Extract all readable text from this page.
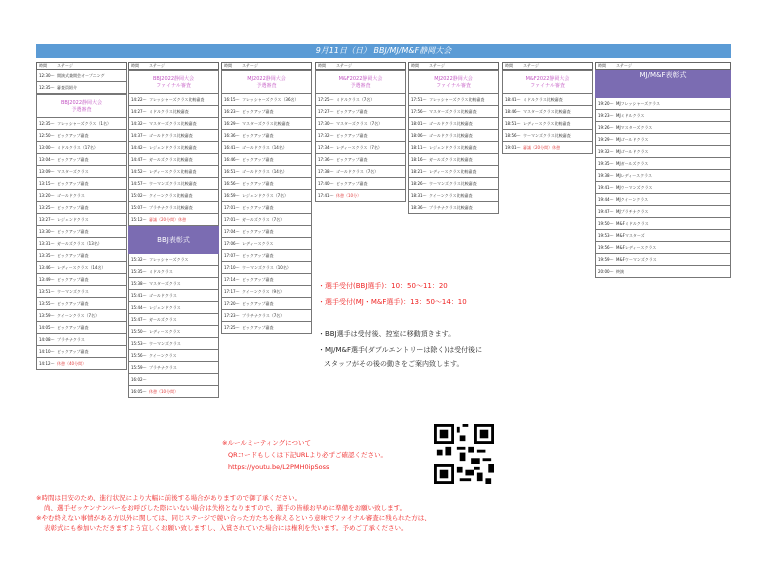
9月11日（日） BBJ/MJ/M&F静岡大会
時間	ステージ
12:30～ 開演式兼開会オープニング
12:35～ 審査員紹介
BBJ2022静岡大会
予選審査
12:35～ フレッシャーズクラス（1名）
12:50～ ピックアップ審査
13:00～ ミドルクラス（17名）
13:04～ ピックアップ審査
13:09～ マスターズクラス
13:15～ ピックアップ審査
13:20～ ゴールドクラス
13:25～ ピックアップ審査
13:27～ レジェンドクラス
13:30～ ピックアップ審査
13:31～ ガールズクラス（13名）
13:35～ ピックアップ審査
13:46～ レディースクラス（14名）
13:49～ ピックアップ審査
13:51～ ウーマンズクラス
13:55～ ピックアップ審査
13:59～ クイーンクラス（7名）
14:05～ ピックアップ審査
14:08～ プラチナクラス
14:10～ ピックアップ審査
14:12～ 休憩（40分間）
時間	ステージ
BBJ2022静岡大会
ファイナル審査
14:22～ フレッシャーズクラス比較審査
14:27～ ミドルクラス比較審査
14:32～ マスターズクラス比較審査
14:37～ ゴールドクラス比較審査
14:42～ レジェンドクラス比較審査
14:47～ ガールズクラス比較審査
14:52～ レディースクラス比較審査
14:57～ ウーマンズクラス比較審査
15:02～ クイーンクラス比較審査
15:07～ プラチナクラス比較審査
15:12～ 審議（20分間）休憩
BBJ表彰式
15:32～ フレッシャーズクラス
15:35～ ミドルクラス
15:38～ マスターズクラス
15:41～ ゴールドクラス
15:44～ レジェンドクラス
15:47～ ガールズクラス
15:50～ レディースクラス
15:53～ ウーマンズクラス
15:56～ クイーンクラス
15:59～ プラチナクラス
16:02～
16:05～ 休憩（10分間）
時間	ステージ
MJ2022静岡大会
予選審査
16:15～ フレッシャーズクラス（36名）
16:23～ ピックアップ審査
16:29～ マスターズクラス比較審査
16:36～ ピックアップ審査
16:41～ ゴールドクラス（14名）
16:46～ ピックアップ審査
16:51～ ゴールドクラス（14名）
16:56～ ピックアップ審査
16:59～ レジェンドクラス（7名）
17:01～ ピックアップ審査
17:01～ ガールズクラス（7名）
17:04～ ピックアップ審査
17:06～ レディースクラス
17:07～ ピックアップ審査
17:10～ ウーマンズクラス（10名）
17:14～ ピックアップ審査
17:17～ クイーンクラス（9名）
17:20～ ピックアップ審査
17:23～ プラチナクラス（7名）
17:25～ ピックアップ審査
時間	ステージ
M&F2022静岡大会
予選審査
17:25～ ミドルクラス（7名）
17:27～ ピックアップ審査
17:30～ マスターズクラス（7名）
17:32～ ピックアップ審査
17:34～ レディースクラス（7名）
17:36～ ピックアップ審査
17:38～ ゴールドクラス（7名）
17:40～ ピックアップ審査
17:41～ 休憩（10分）
時間	ステージ
MJ2022静岡大会
ファイナル審査
17:51～ フレッシャーズクラス比較審査
17:56～ マスターズクラス比較審査
18:01～ ゴールドクラス比較審査
18:06～ ゴールドクラス比較審査
18:11～ レジェンドクラス比較審査
18:16～ ガールズクラス比較審査
18:21～ レディースクラス比較審査
18:26～ ウーマンズクラス比較審査
18:31～ クイーンクラス比較審査
18:36～ プラチナクラス比較審査
時間	ステージ
M&F2022静岡大会
ファイナル審査
18:41～ ミドルクラス比較審査
18:46～ マスターズクラス比較審査
18:51～ レディースクラス比較審査
18:56～ ウーマンズクラス比較審査
19:01～ 審議（20分間）休憩
時間	ステージ
MJ/M&F表彰式
19:20～ MJフレッシャーズクラス
19:23～ MJミドルクラス
19:26～ MJマスターズクラス
19:29～ MJゴールドクラス
19:32～ MJゴールドクラス
19:35～ MJガールズクラス
19:38～ MJレディースクラス
19:41～ MJウーマンズクラス
19:44～ MJクイーンクラス
19:47～ MJプラチナクラス
19:50～ M&Fミドルクラス
19:53～ M&Fマスターズ
19:56～ M&Fレディースクラス
19:59～ M&Fウーマンズクラス
20:00～ 終演
・選手受付(BBJ選手)：10：50～11：20
・選手受付(MJ・M&F選手)：13：50～14：10
・BBJ選手は受付後、控室に移動頂きます。
・MJ/M&F選手(ダブルエントリーは除く)は受付後に
スタッフがその後の動きをご案内致します。
※ルールミーティングについて
QRコードもしくは下記URLより必ずご確認ください。
https://youtu.be/L2PMH0ipSoss
※時間は目安のため、進行状況により大幅に前後する場合がありますので御了承ください。
尚、選手ゼッケンナンバーをお呼びした際にいない場合は失格となりますので、選手の皆様お早めに準備をお願い致します。
※やむ終えない事情がある方以外に関しては、同じステージで競い合った方たちを称えるという意味でファイナル審査に残られた方は、
表彰式にも参加いただきますよう宜しくお願い致しますし、入賞されていた場合には権利を失います。予めご了承ください。
